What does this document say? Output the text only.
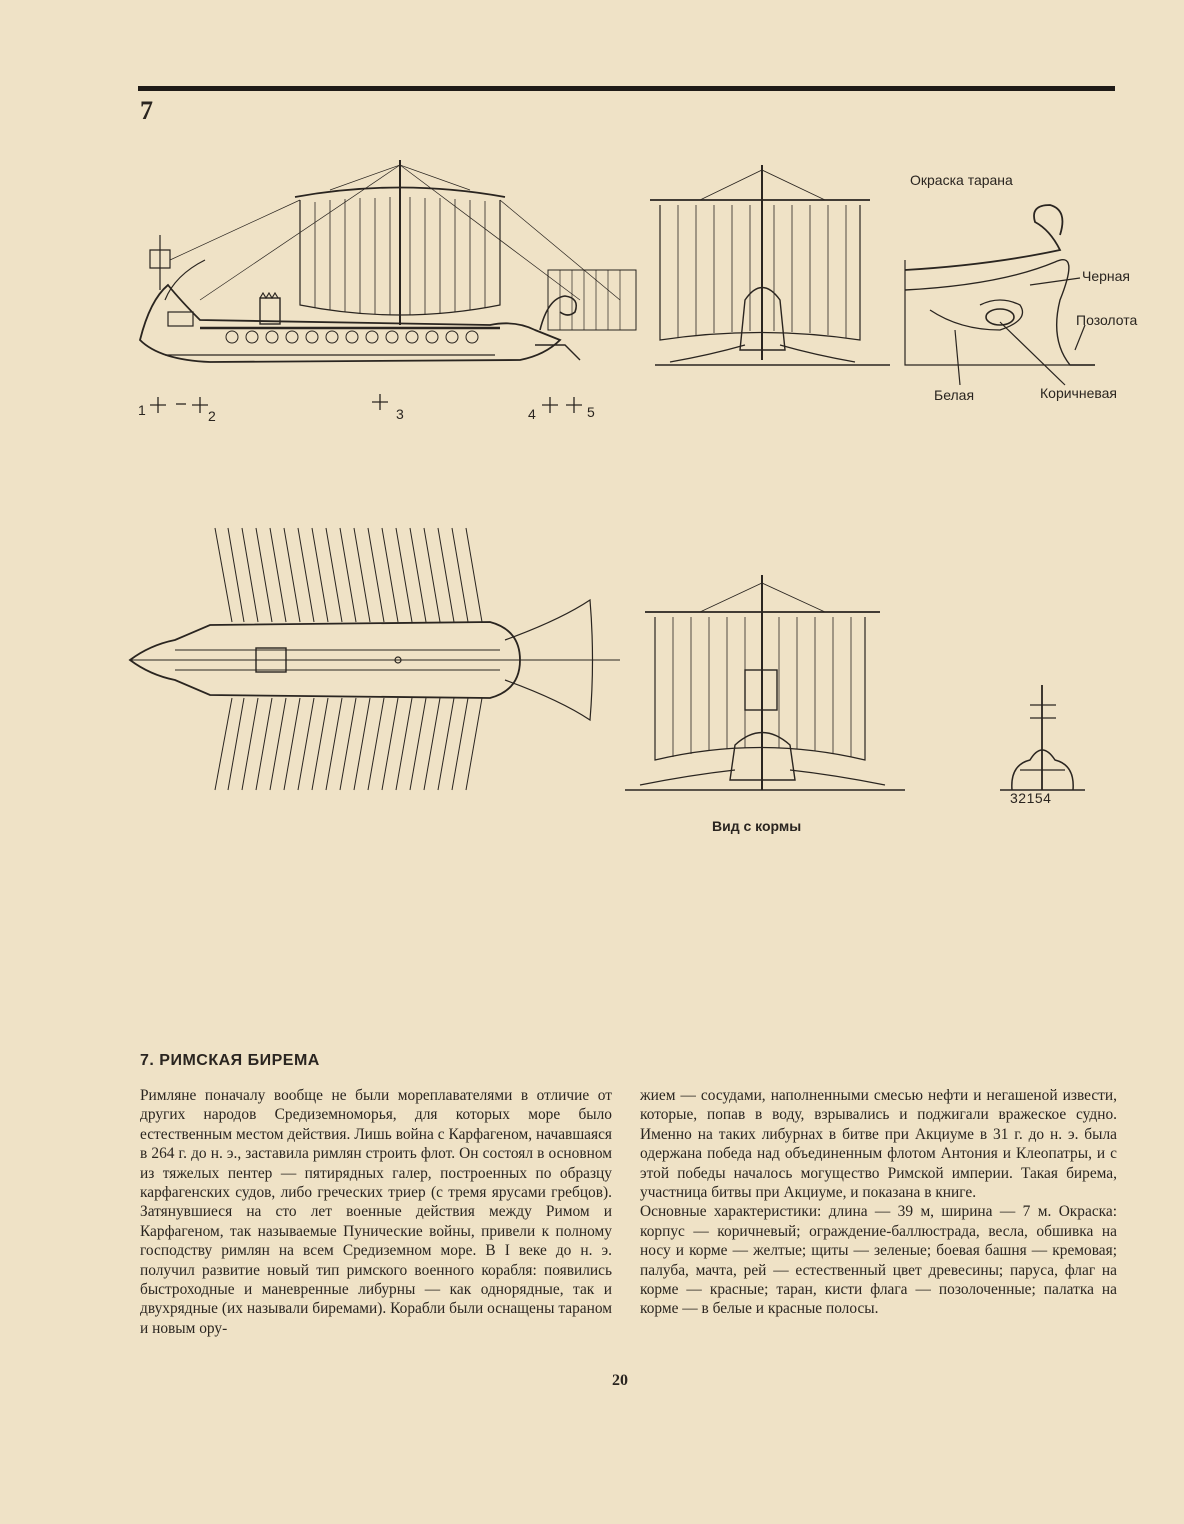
7
Окраска тарана
Черная
Позолота
Белая	Коричневая
1	2	3	4	5
Вид с кормы
32154
7. РИМСКАЯ БИРЕМА

Римляне поначалу вообще не были мореплавателями в отличие от других народов Средиземноморья, для которых море было естественным местом действия. Лишь война с Карфагеном, начавшаяся в 264 г. до н. э., заставила римлян строить флот. Он состоял в основном из тяжелых пентер — пятирядных галер, построенных по образцу карфагенских судов, либо греческих триер (с тремя ярусами гребцов). Затянувшиеся на сто лет военные действия между Римом и Карфагеном, так называемые Пунические войны, привели к полному господству римлян на всем Средиземном море. В I веке до н. э. получил развитие новый тип римского военного корабля: появились быстроходные и маневренные либурны — как однорядные, так и двухрядные (их называли биремами). Корабли были оснащены тараном и новым ору-

жием — сосудами, наполненными смесью нефти и негашеной извести, которые, попав в воду, взрывались и поджигали вражеское судно. Именно на таких либурнах в битве при Акциуме в 31 г. до н. э. была одержана победа над объединенным флотом Антония и Клеопатры, и с этой победы началось могущество Римской империи. Такая бирема, участница битвы при Акциуме, и показана в книге.

Основные характеристики: длина — 39 м, ширина — 7 м. Окраска: корпус — коричневый; ограждение-баллюстрада, весла, обшивка на носу и корме — желтые; щиты — зеленые; боевая башня — кремовая; палуба, мачта, рей — естественный цвет древесины; паруса, флаг на корме — красные; таран, кисти флага — позолоченные; палатка на корме — в белые и красные полосы.

20
